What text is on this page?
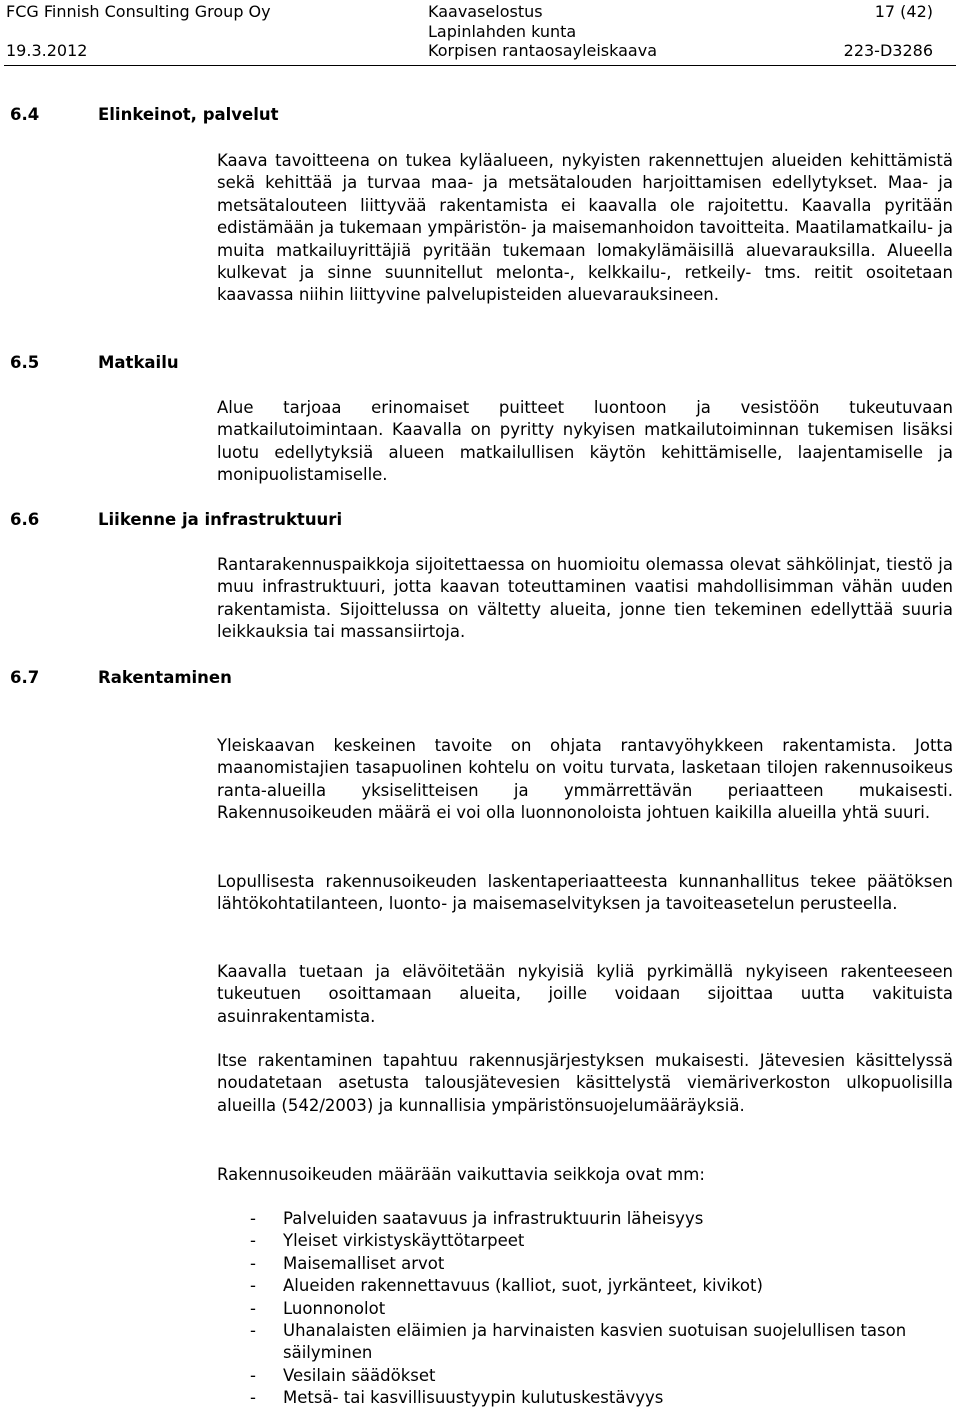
FCG Finnish Consulting Group Oy
19.3.2012
Kaavaselostus
Lapinlahden kunta
Korpisen rantaosayleiskaava
17 (42)
223-D3286
6.4	Elinkeinot, palvelut

Kaava tavoitteena on tukea kyläalueen, nykyisten rakennettujen alueiden kehittämistä sekä kehittää ja turvaa maa- ja metsätalouden harjoittamisen edellytykset. Maa- ja metsätalouteen liittyvää rakentamista ei kaavalla ole rajoitettu. Kaavalla pyritään edistämään ja tukemaan ympäristön- ja maisemanhoidon tavoitteita. Maatilamatkailu- ja muita matkailuyrittäjiä pyritään tukemaan lomakylämäisillä aluevarauksilla. Alueella kulkevat ja sinne suunnitellut melonta-, kelkkailu-, retkeily- tms. reitit osoitetaan kaavassa niihin liittyvine palvelupisteiden aluevarauksineen.

6.5	Matkailu

Alue tarjoaa erinomaiset puitteet luontoon ja vesistöön tukeutuvaan matkailutoimintaan. Kaavalla on pyritty nykyisen matkailutoiminnan tukemisen lisäksi luotu edellytyksiä alueen matkailullisen käytön kehittämiselle, laajentamiselle ja monipuolistamiselle.

6.6	Liikenne ja infrastruktuuri

Rantarakennuspaikkoja sijoitettaessa on huomioitu olemassa olevat sähkölinjat, tiestö ja muu infrastruktuuri, jotta kaavan toteuttaminen vaatisi mahdollisimman vähän uuden rakentamista. Sijoittelussa on vältetty alueita, jonne tien tekeminen edellyttää suuria leikkauksia tai massansiirtoja.

6.7	Rakentaminen

Yleiskaavan keskeinen tavoite on ohjata rantavyöhykkeen rakentamista. Jotta maanomistajien tasapuolinen kohtelu on voitu turvata, lasketaan tilojen rakennusoikeus ranta-alueilla yksiselitteisen ja ymmärrettävän periaatteen mukaisesti. Rakennusoikeuden määrä ei voi olla luonnonoloista johtuen kaikilla alueilla yhtä suuri.

Lopullisesta rakennusoikeuden laskentaperiaatteesta kunnanhallitus tekee päätöksen lähtökohtatilanteen, luonto- ja maisemaselvityksen ja tavoiteasetelun perusteella.

Kaavalla tuetaan ja elävöitetään nykyisiä kyliä pyrkimällä nykyiseen rakenteeseen tukeutuen osoittamaan alueita, joille voidaan sijoittaa uutta vakituista asuinrakentamista.

Itse rakentaminen tapahtuu rakennusjärjestyksen mukaisesti. Jätevesien käsittelyssä noudatetaan asetusta talousjätevesien käsittelystä viemäriverkoston ulkopuolisilla alueilla (542/2003) ja kunnallisia ympäristönsuojelumääräyksiä.

Rakennusoikeuden määrään vaikuttavia seikkoja ovat mm:

- Palveluiden saatavuus ja infrastruktuurin läheisyys
- Yleiset virkistyskäyttötarpeet
- Maisemalliset arvot
- Alueiden rakennettavuus (kalliot, suot, jyrkänteet, kivikot)
- Luonnonolot
- Uhanalaisten eläimien ja harvinaisten kasvien suotuisan suojelullisen tason säilyminen
- Vesilain säädökset
- Metsä- tai kasvillisuustyypin kulutuskestävyys
